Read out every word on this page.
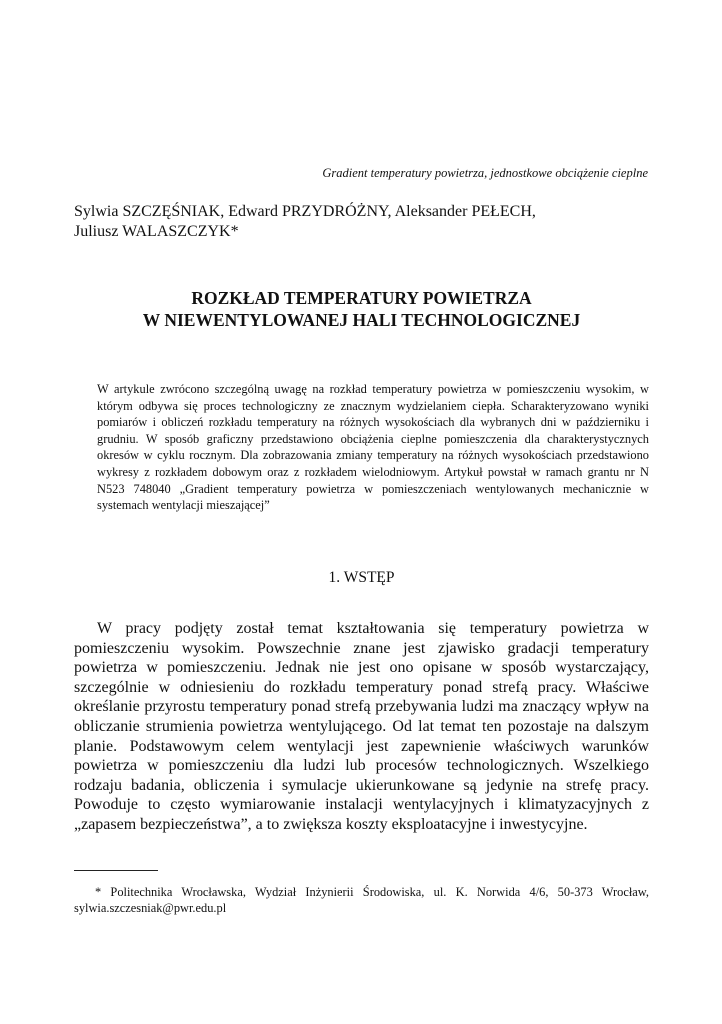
Gradient temperatury powietrza, jednostkowe obciążenie cieplne
Sylwia SZCZĘŚNIAK, Edward PRZYDRÓŻNY, Aleksander PEŁECH,
Juliusz WALASZCZYK*
ROZKŁAD TEMPERATURY POWIETRZA
W NIEWENTYLOWANEJ HALI TECHNOLOGICZNEJ

W artykule zwrócono szczególną uwagę na rozkład temperatury powietrza w pomieszczeniu wysokim, w którym odbywa się proces technologiczny ze znacznym wydzielaniem ciepła. Scharakteryzowano wyniki pomiarów i obliczeń rozkładu temperatury na różnych wysokościach dla wybranych dni w październiku i grudniu. W sposób graficzny przedstawiono obciążenia cieplne pomieszczenia dla charakterystycznych okresów w cyklu rocznym. Dla zobrazowania zmiany temperatury na różnych wysokościach przedstawiono wykresy z rozkładem dobowym oraz z rozkładem wielodniowym. Artykuł powstał w ramach grantu nr N N523 748040 „Gradient temperatury powietrza w pomieszczeniach wentylowanych mechanicznie w systemach wentylacji mieszającej”

1. WSTĘP

W pracy podjęty został temat kształtowania się temperatury powietrza w pomieszczeniu wysokim. Powszechnie znane jest zjawisko gradacji temperatury powietrza w pomieszczeniu. Jednak nie jest ono opisane w sposób wystarczający, szczególnie w odniesieniu do rozkładu temperatury ponad strefą pracy. Właściwe określanie przyrostu temperatury ponad strefą przebywania ludzi ma znaczący wpływ na obliczanie strumienia powietrza wentylującego. Od lat temat ten pozostaje na dalszym planie. Podstawowym celem wentylacji jest zapewnienie właściwych warunków powietrza w pomieszczeniu dla ludzi lub procesów technologicznych. Wszelkiego rodzaju badania, obliczenia i symulacje ukierunkowane są jedynie na strefę pracy. Powoduje to często wymiarowanie instalacji wentylacyjnych i klimatyzacyjnych z „zapasem bezpieczeństwa”, a to zwiększa koszty eksploatacyjne i inwestycyjne.

* Politechnika Wrocławska, Wydział Inżynierii Środowiska, ul. K. Norwida 4/6, 50-373 Wrocław, sylwia.szczesniak@pwr.edu.pl
